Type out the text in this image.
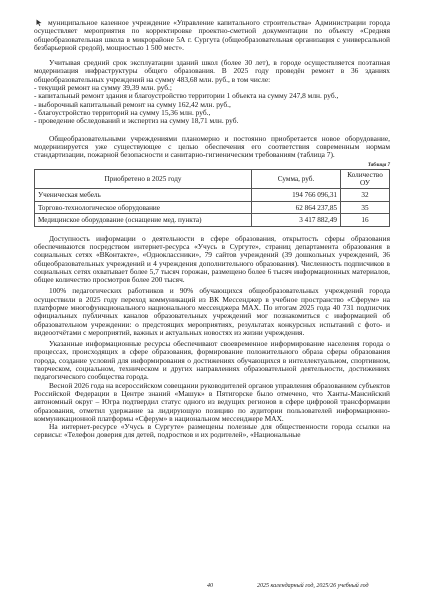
муниципальное казенное учреждение «Управление капитального строительства» Администрации города осуществляет мероприятия по корректировке проектно-сметной документации по объекту «Средняя общеобразовательная школа в микрорайоне 5А г. Сургута (общеобразовательная организация с универсальной безбарьерной средой), мощностью 1 500 мест».

Учитывая средний срок эксплуатации зданий школ (более 30 лет), в городе осуществляется поэтапная модернизация инфраструктуры общего образования. В 2025 году проведён ремонт в 36 зданиях общеобразовательных учреждений на сумму 483,68 млн. руб., в том числе:

- текущий ремонт на сумму 39,39 млн. руб.;
- капитальный ремонт здания и благоустройство территории 1 объекта на сумму 247,8 млн. руб.,
- выборочный капитальный ремонт на сумму 162,42 млн. руб.,
- благоустройство территорий на сумму 15,36 млн. руб.,
- проведение обследований и экспертиз на сумму 18,71 млн. руб.

Общеобразовательными учреждениями планомерно и постоянно приобретается новое оборудование, модернизируется уже существующее с целью обеспечения его соответствия современным нормам стандартизации, пожарной безопасности и санитарно-гигиеническим требованиям (таблица 7).

Таблица 7
Приобретено в 2025 году	Сумма, руб.	Количество ОУ
Ученическая мебель	194 766 096,31	32
Торгово-технологическое оборудование	62 864 237,85	35
Медицинское оборудование (оснащение мед. пункта)	3 417 882,49	16

Доступность информации о деятельности в сфере образования, открытость сферы образования обеспечиваются посредством интернет-ресурса «Учусь в Сургуте», страниц департамента образования в социальных сетях «ВКонтакте», «Одноклассники», 79 сайтов учреждений (39 дошкольных учреждений, 36 общеобразовательных учреждений и 4 учреждения дополнительного образования). Численность подписчиков в социальных сетях охватывает более 5,7 тысяч горожан, размещено более 6 тысяч информационных материалов, общее количество просмотров более 200 тысяч.

100% педагогических работников и 90% обучающихся общеобразовательных учреждений города осуществили в 2025 году переход коммуникаций из ВК Мессенджер в учебное пространство «Сферум» на платформе многофункционального национального мессенджера МАХ. По итогам 2025 года 40 731 подписчик официальных публичных каналов образовательных учреждений мог познакомиться с информацией об образовательном учреждении: о предстоящих мероприятиях, результатах конкурсных испытаний с фото- и видеоотчётами с мероприятий, важных и актуальных новостях из жизни учреждения.

Указанные информационные ресурсы обеспечивают своевременное информирование населения города о процессах, происходящих в сфере образования, формирование положительного образа сферы образования города, создание условий для информирования о достижениях обучающихся в интеллектуальном, спортивном, творческом, социальном, техническом и других направлениях образовательной деятельности, достижениях педагогического сообщества города.

Весной 2026 года на всероссийском совещании руководителей органов управления образованием субъектов Российской Федерации в Центре знаний «Машук» в Пятигорске было отмечено, что Ханты-Мансийский автономный округ – Югра подтвердил статус одного из ведущих регионов в сфере цифровой трансформации образования, отметил удержание за лидирующую позицию по аудитории пользователей информационно-коммуникационной платформы «Сферум» в национальном мессенджере МАХ.

На интернет-ресурсе «Учусь в Сургуте» размещены полезные для общественности города ссылки на сервисы: «Телефон доверия для детей, подростков и их родителей», «Национальные

40	2025 календарный год, 2025/26 учебный год
